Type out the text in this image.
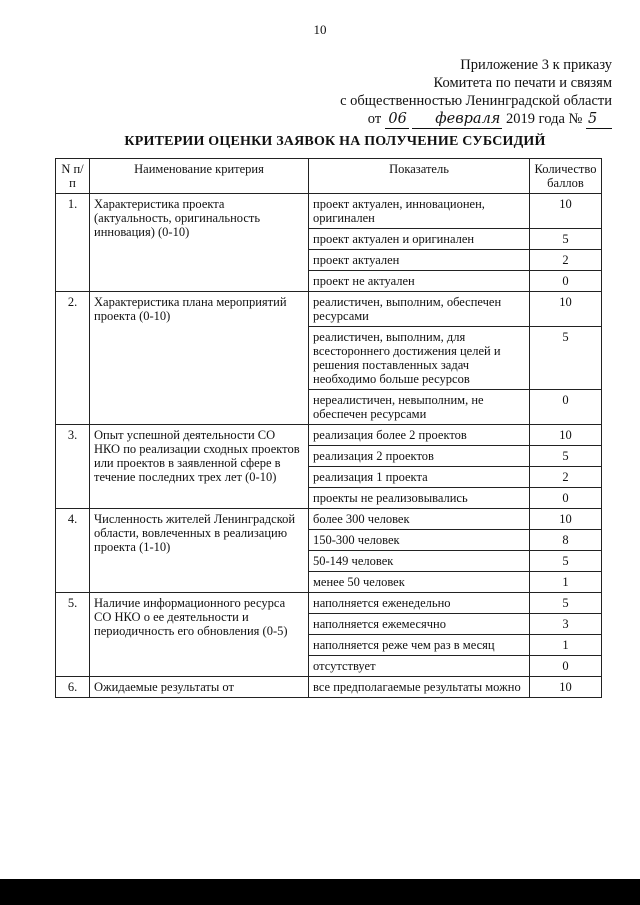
10
Приложение 3 к приказу
Комитета по печати и связям
с общественностью Ленинградской области
от 06 февраля 2019 года № 5
КРИТЕРИИ ОЦЕНКИ ЗАЯВОК НА ПОЛУЧЕНИЕ СУБСИДИЙ
N п/п	Наименование критерия	Показатель	Количество баллов
1.	Характеристика проекта (актуальность, оригинальность инновация) (0-10)	проект актуален, инновационен, оригинален	10
		проект актуален и оригинален	5
		проект актуален	2
		проект не актуален	0
2.	Характеристика плана мероприятий проекта (0-10)	реалистичен, выполним, обеспечен ресурсами	10
		реалистичен, выполним, для всестороннего достижения целей и решения поставленных задач необходимо больше ресурсов	5
		нереалистичен, невыполним, не обеспечен ресурсами	0
3.	Опыт успешной деятельности СО НКО по реализации сходных проектов или проектов в заявленной сфере в течение последних трех лет (0-10)	реализация более 2 проектов	10
		реализация 2 проектов	5
		реализация 1 проекта	2
		проекты не реализовывались	0
4.	Численность жителей Ленинградской области, вовлеченных в реализацию проекта (1-10)	более 300 человек	10
		150-300 человек	8
		50-149 человек	5
		менее 50 человек	1
5.	Наличие информационного ресурса СО НКО о ее деятельности и периодичность его обновления (0-5)	наполняется еженедельно	5
		наполняется ежемесячно	3
		наполняется реже чем раз в месяц	1
		отсутствует	0
6.	Ожидаемые результаты от	все предполагаемые результаты можно	10
